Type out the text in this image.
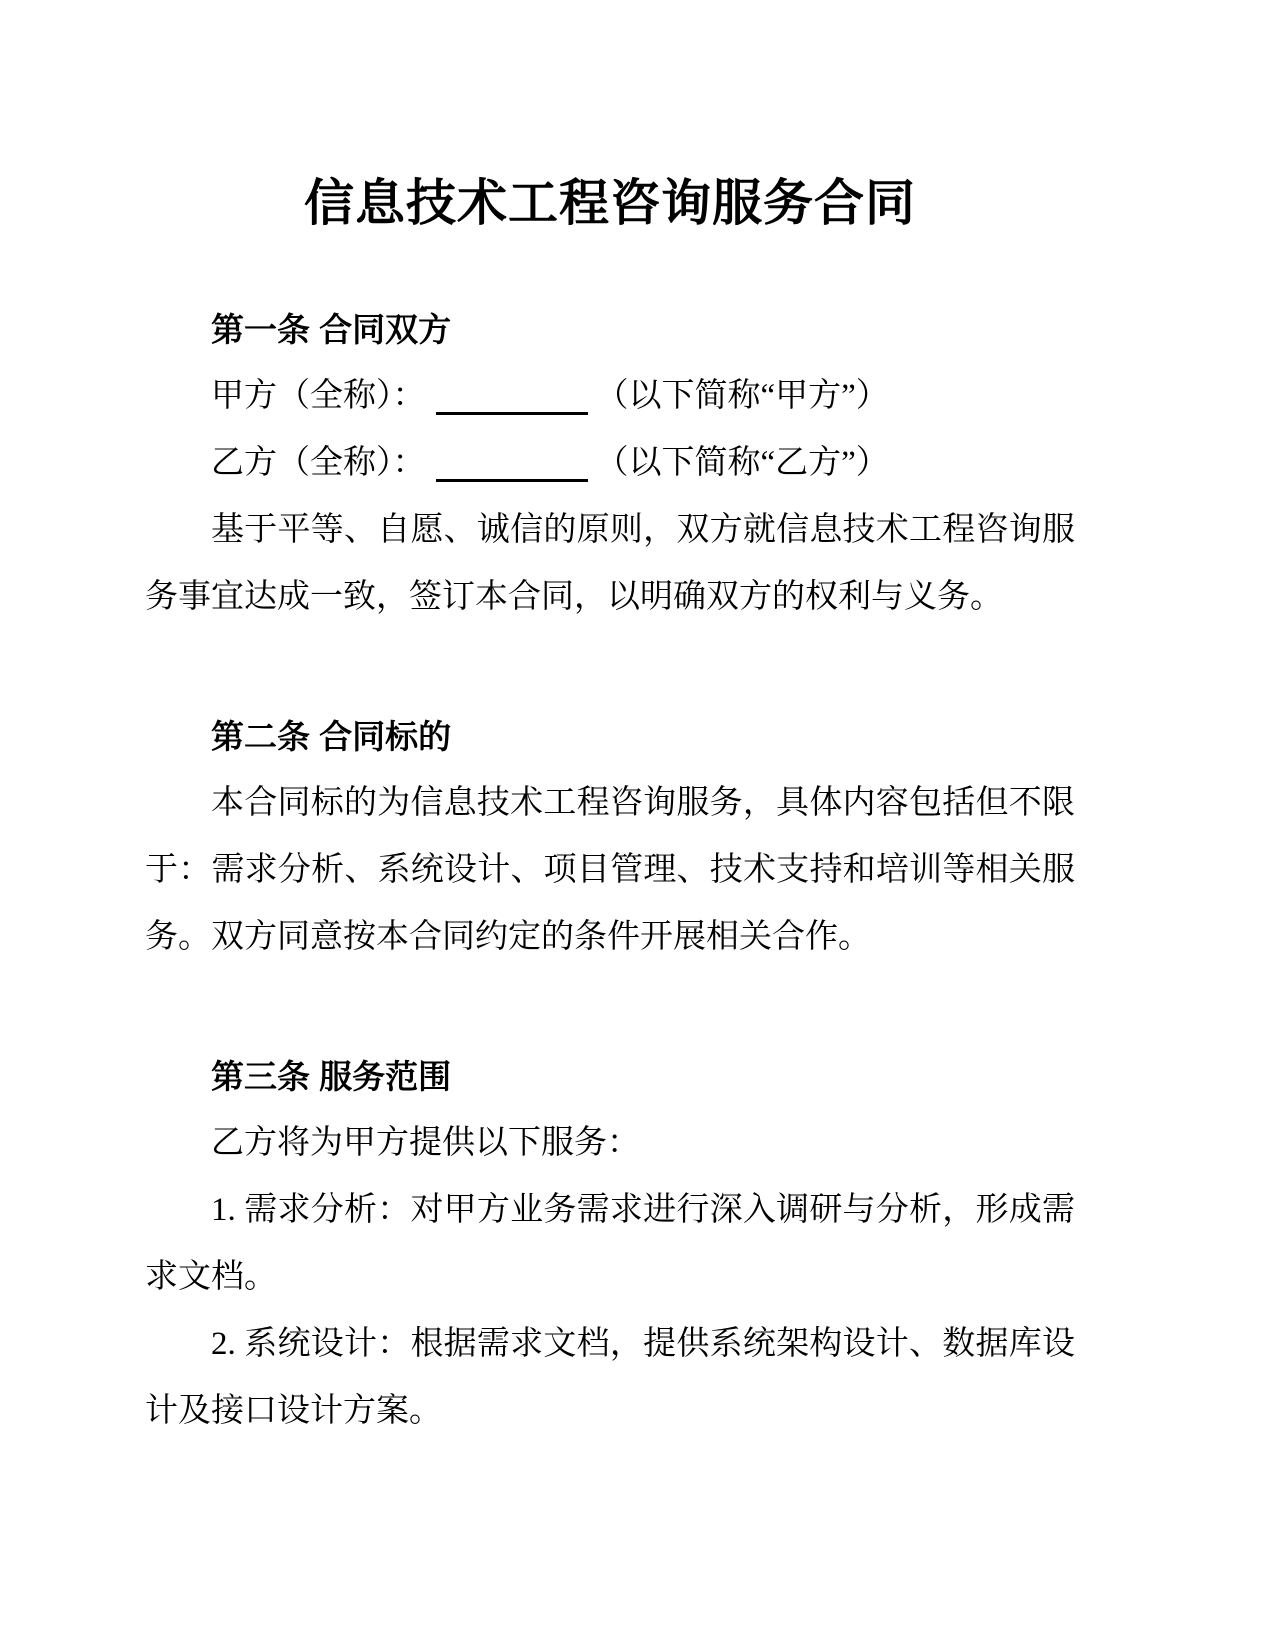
信息技术工程咨询服务合同
第一条 合同双方

甲方（全称）：	（以下简称“甲方”）

乙方（全称）：	（以下简称“乙方”）

基于平等、自愿、诚信的原则，双方就信息技术工程咨询服务事宜达成一致，签订本合同，以明确双方的权利与义务。

第二条 合同标的

本合同标的为信息技术工程咨询服务，具体内容包括但不限于：需求分析、系统设计、项目管理、技术支持和培训等相关服务。双方同意按本合同约定的条件开展相关合作。

第三条 服务范围

乙方将为甲方提供以下服务：

1. 需求分析：对甲方业务需求进行深入调研与分析，形成需求文档。

2. 系统设计：根据需求文档，提供系统架构设计、数据库设计及接口设计方案。
